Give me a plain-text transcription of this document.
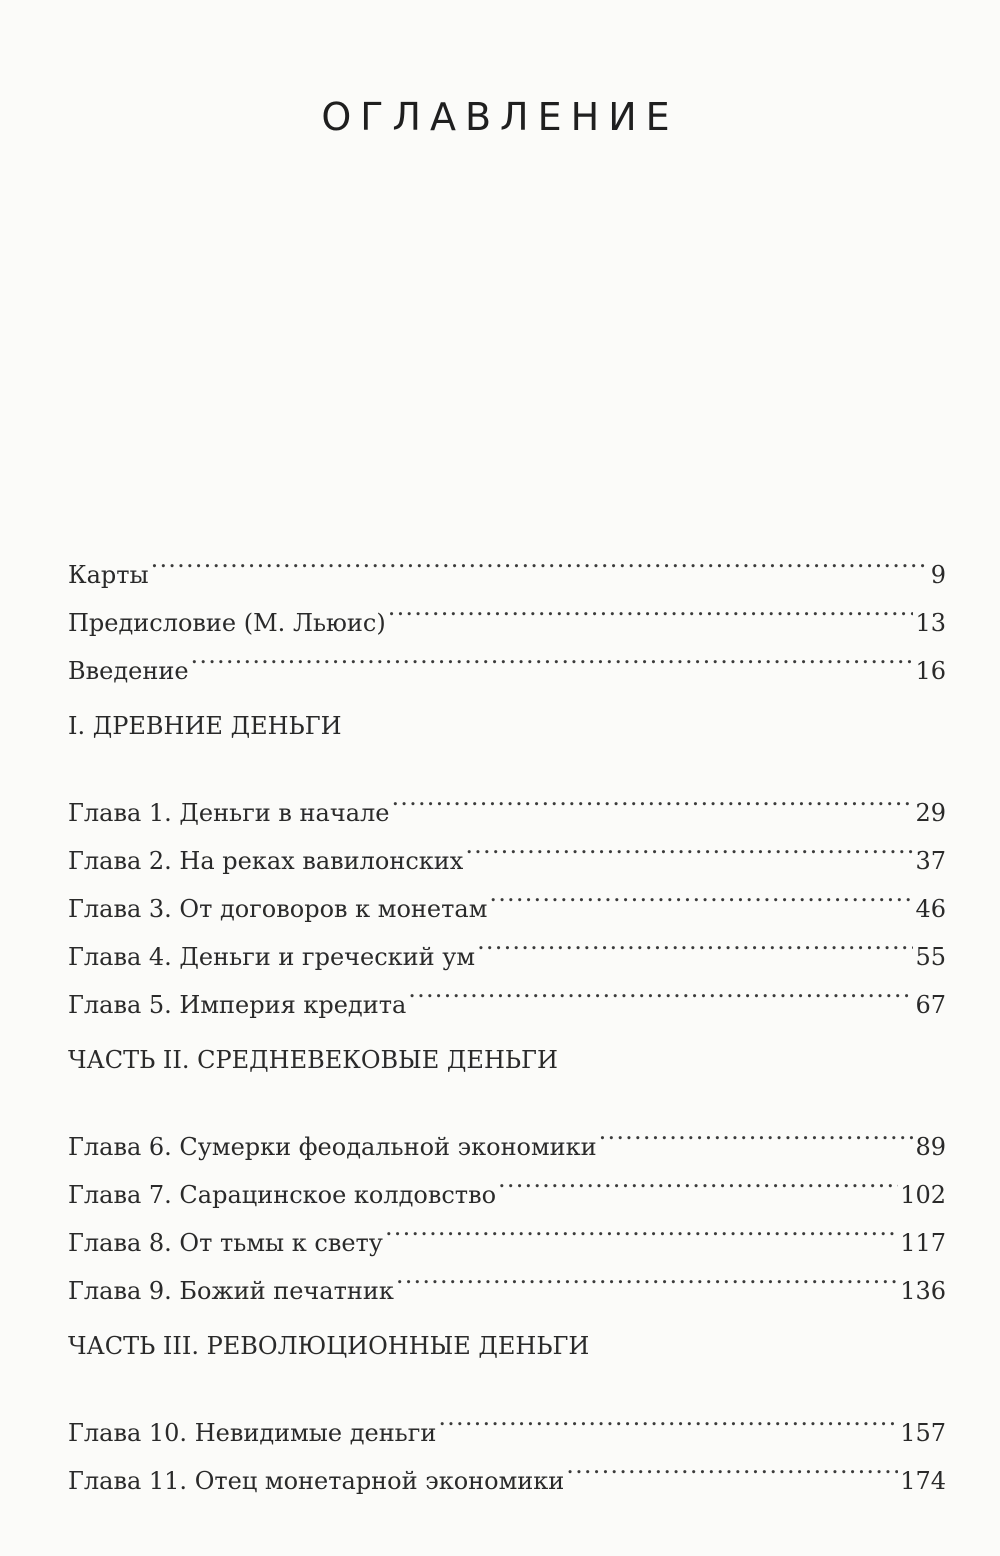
ОГЛАВЛЕНИЕ
Карты .....	9
Предисловие (М. Льюис) .....	13
Введение .....	16
I. ДРЕВНИЕ ДЕНЬГИ
Глава 1. Деньги в начале .....	29
Глава 2. На реках вавилонских .....	37
Глава 3. От договоров к монетам .....	46
Глава 4. Деньги и греческий ум .....	55
Глава 5. Империя кредита .....	67
ЧАСТЬ II. СРЕДНЕВЕКОВЫЕ ДЕНЬГИ
Глава 6. Сумерки феодальной экономики .....	89
Глава 7. Сарацинское колдовство .....	102
Глава 8. От тьмы к свету .....	117
Глава 9. Божий печатник .....	136
ЧАСТЬ III. РЕВОЛЮЦИОННЫЕ ДЕНЬГИ
Глава 10. Невидимые деньги .....	157
Глава 11. Отец монетарной экономики .....	174
